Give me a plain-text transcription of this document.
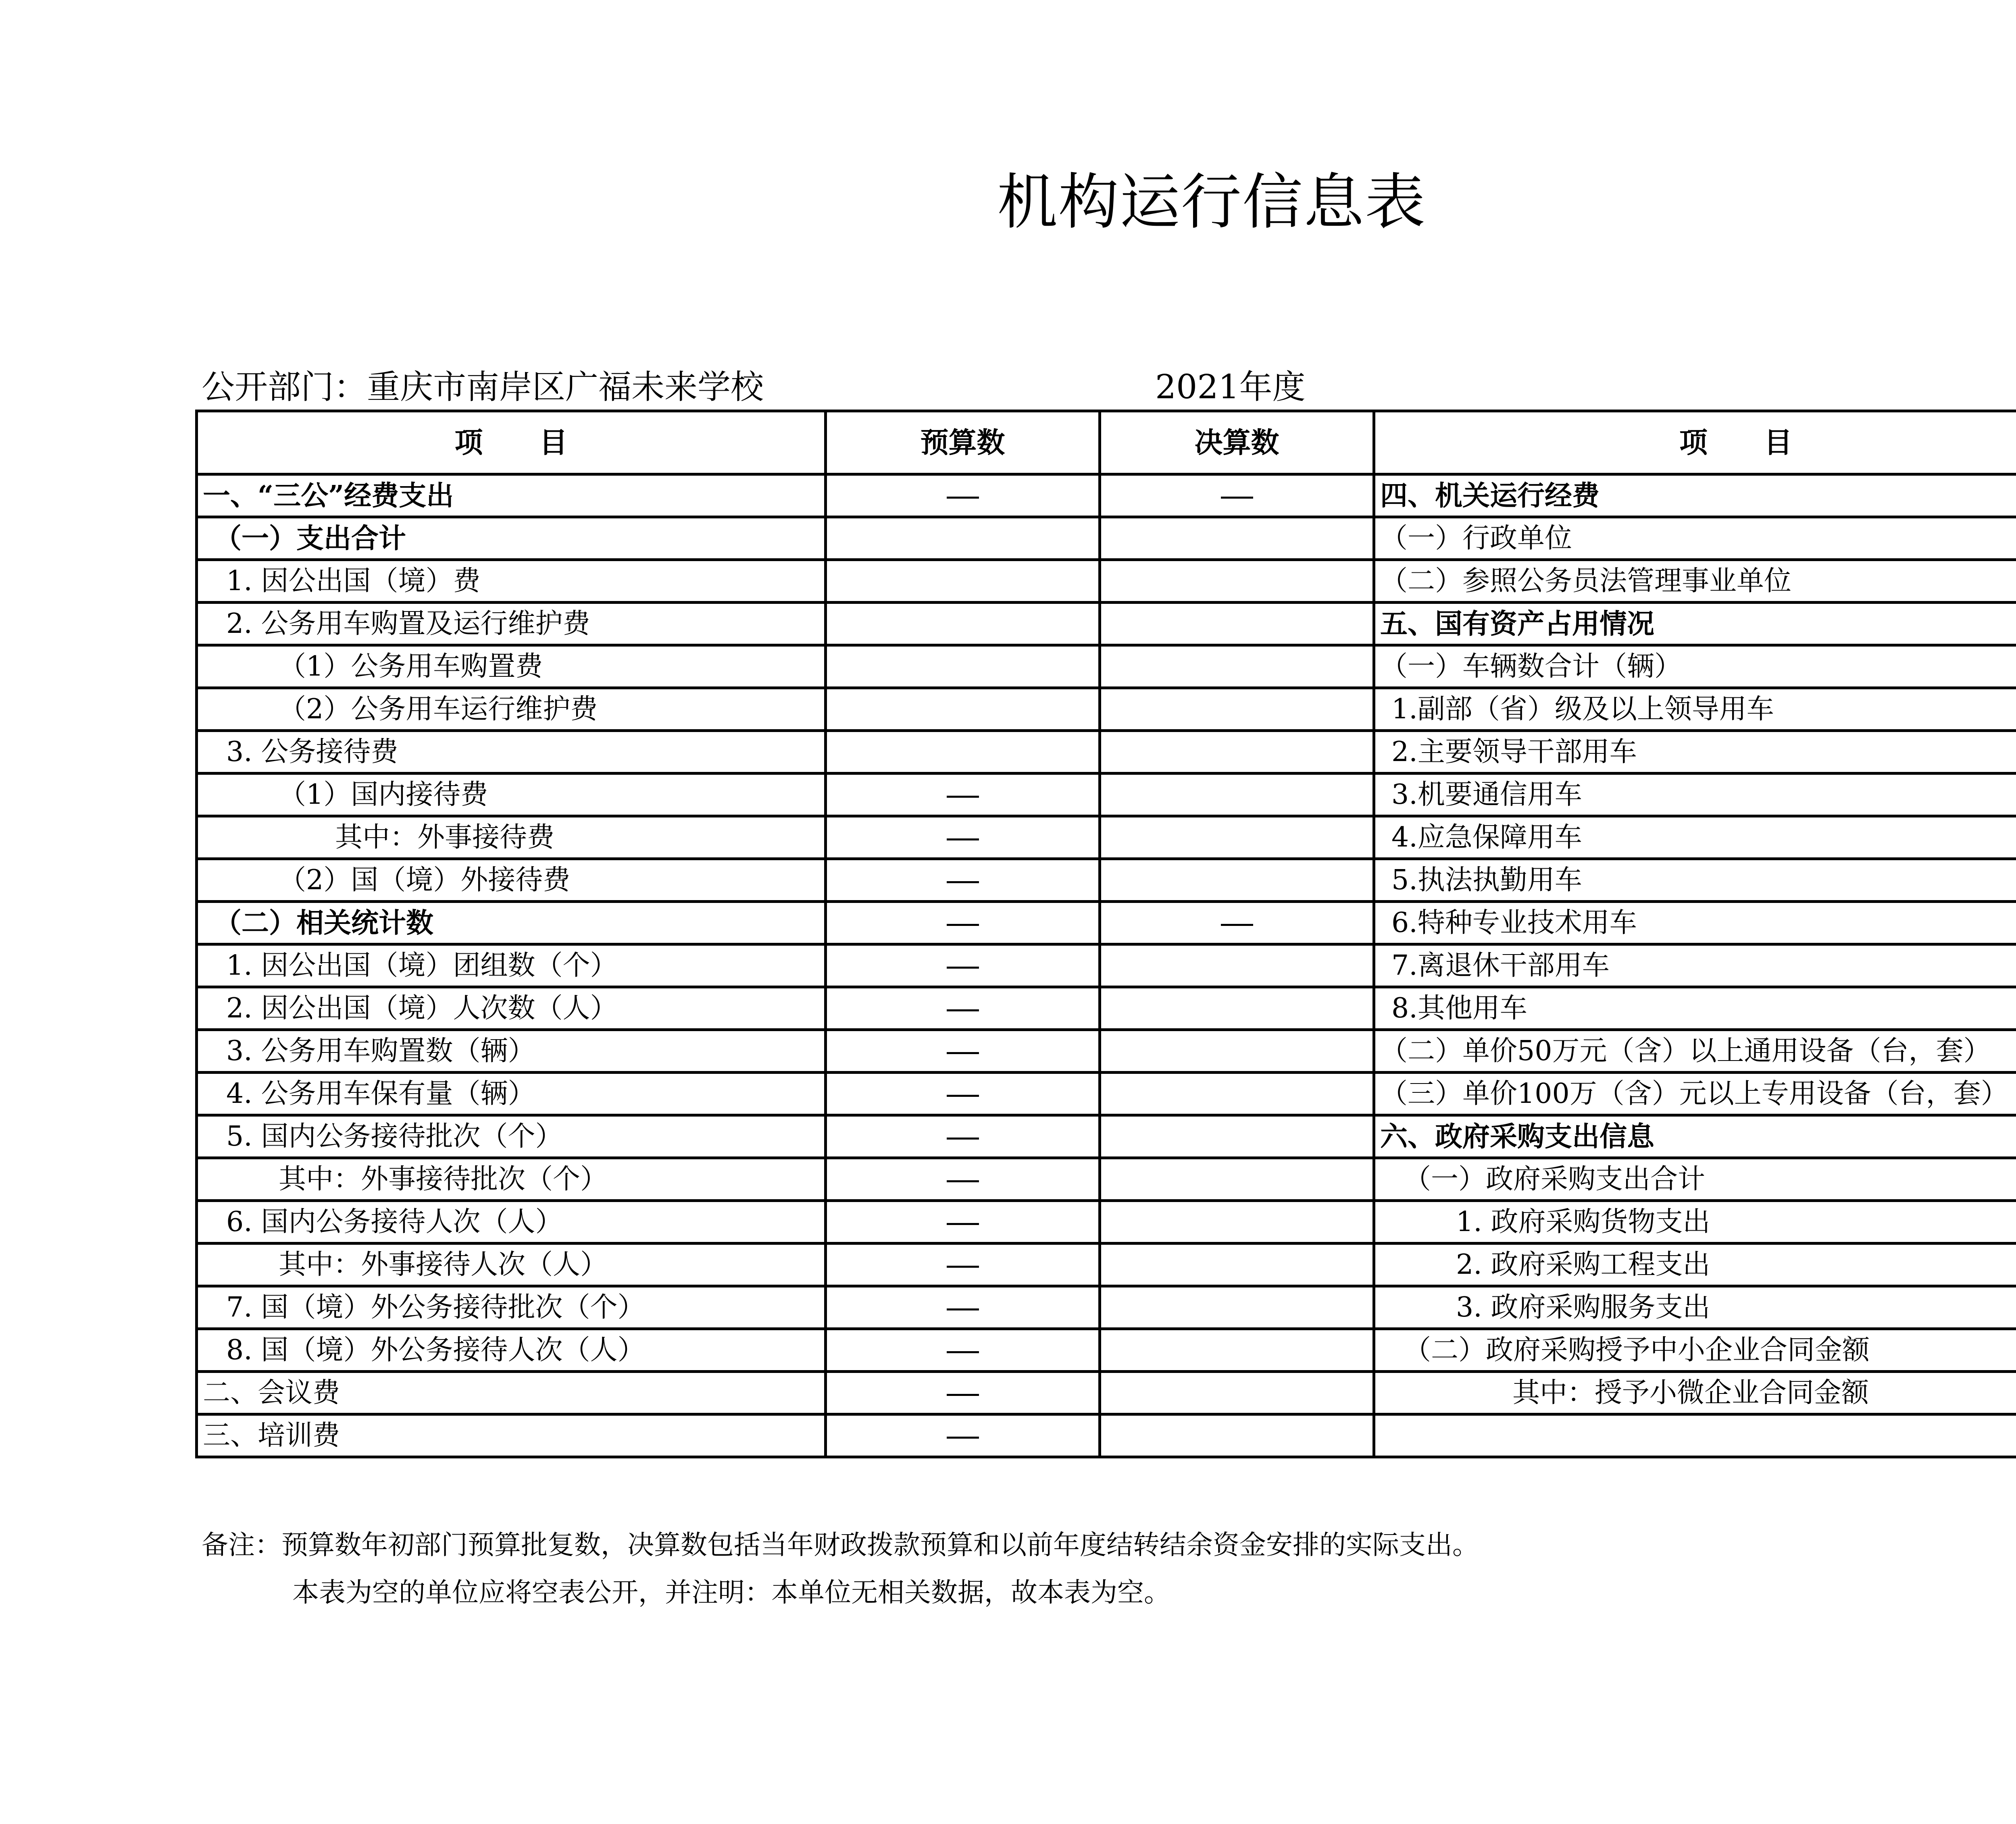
机构运行信息表
公开部门：重庆市南岸区广福未来学校	2021年度
项　　目	预算数	决算数	项　　目	
一、“三公”经费支出			四、机关运行经费	
（一）支出合计			（一）行政单位	
1. 因公出国（境）费			（二）参照公务员法管理事业单位	
2. 公务用车购置及运行维护费			五、国有资产占用情况	
（1）公务用车购置费			（一）车辆数合计（辆）	
（2）公务用车运行维护费			1.副部（省）级及以上领导用车	
3. 公务接待费			2.主要领导干部用车	
（1）国内接待费			3.机要通信用车	
其中：外事接待费			4.应急保障用车	
（2）国（境）外接待费			5.执法执勤用车	
（二）相关统计数			6.特种专业技术用车	
1. 因公出国（境）团组数（个）			7.离退休干部用车	
2. 因公出国（境）人次数（人）			8.其他用车	
3. 公务用车购置数（辆）			（二）单价50万元（含）以上通用设备（台，套）	
4. 公务用车保有量（辆）			（三）单价100万（含）元以上专用设备（台，套）	
5. 国内公务接待批次（个）			六、政府采购支出信息	
其中：外事接待批次（个）			（一）政府采购支出合计	
6. 国内公务接待人次（人）			1. 政府采购货物支出	
其中：外事接待人次（人）			2. 政府采购工程支出	
7. 国（境）外公务接待批次（个）			3. 政府采购服务支出	
8. 国（境）外公务接待人次（人）			（二）政府采购授予中小企业合同金额	
二、会议费			其中：授予小微企业合同金额	
三、培训费				
备注：预算数年初部门预算批复数，决算数包括当年财政拨款预算和以前年度结转结余资金安排的实际支出。
本表为空的单位应将空表公开，并注明：本单位无相关数据，故本表为空。
